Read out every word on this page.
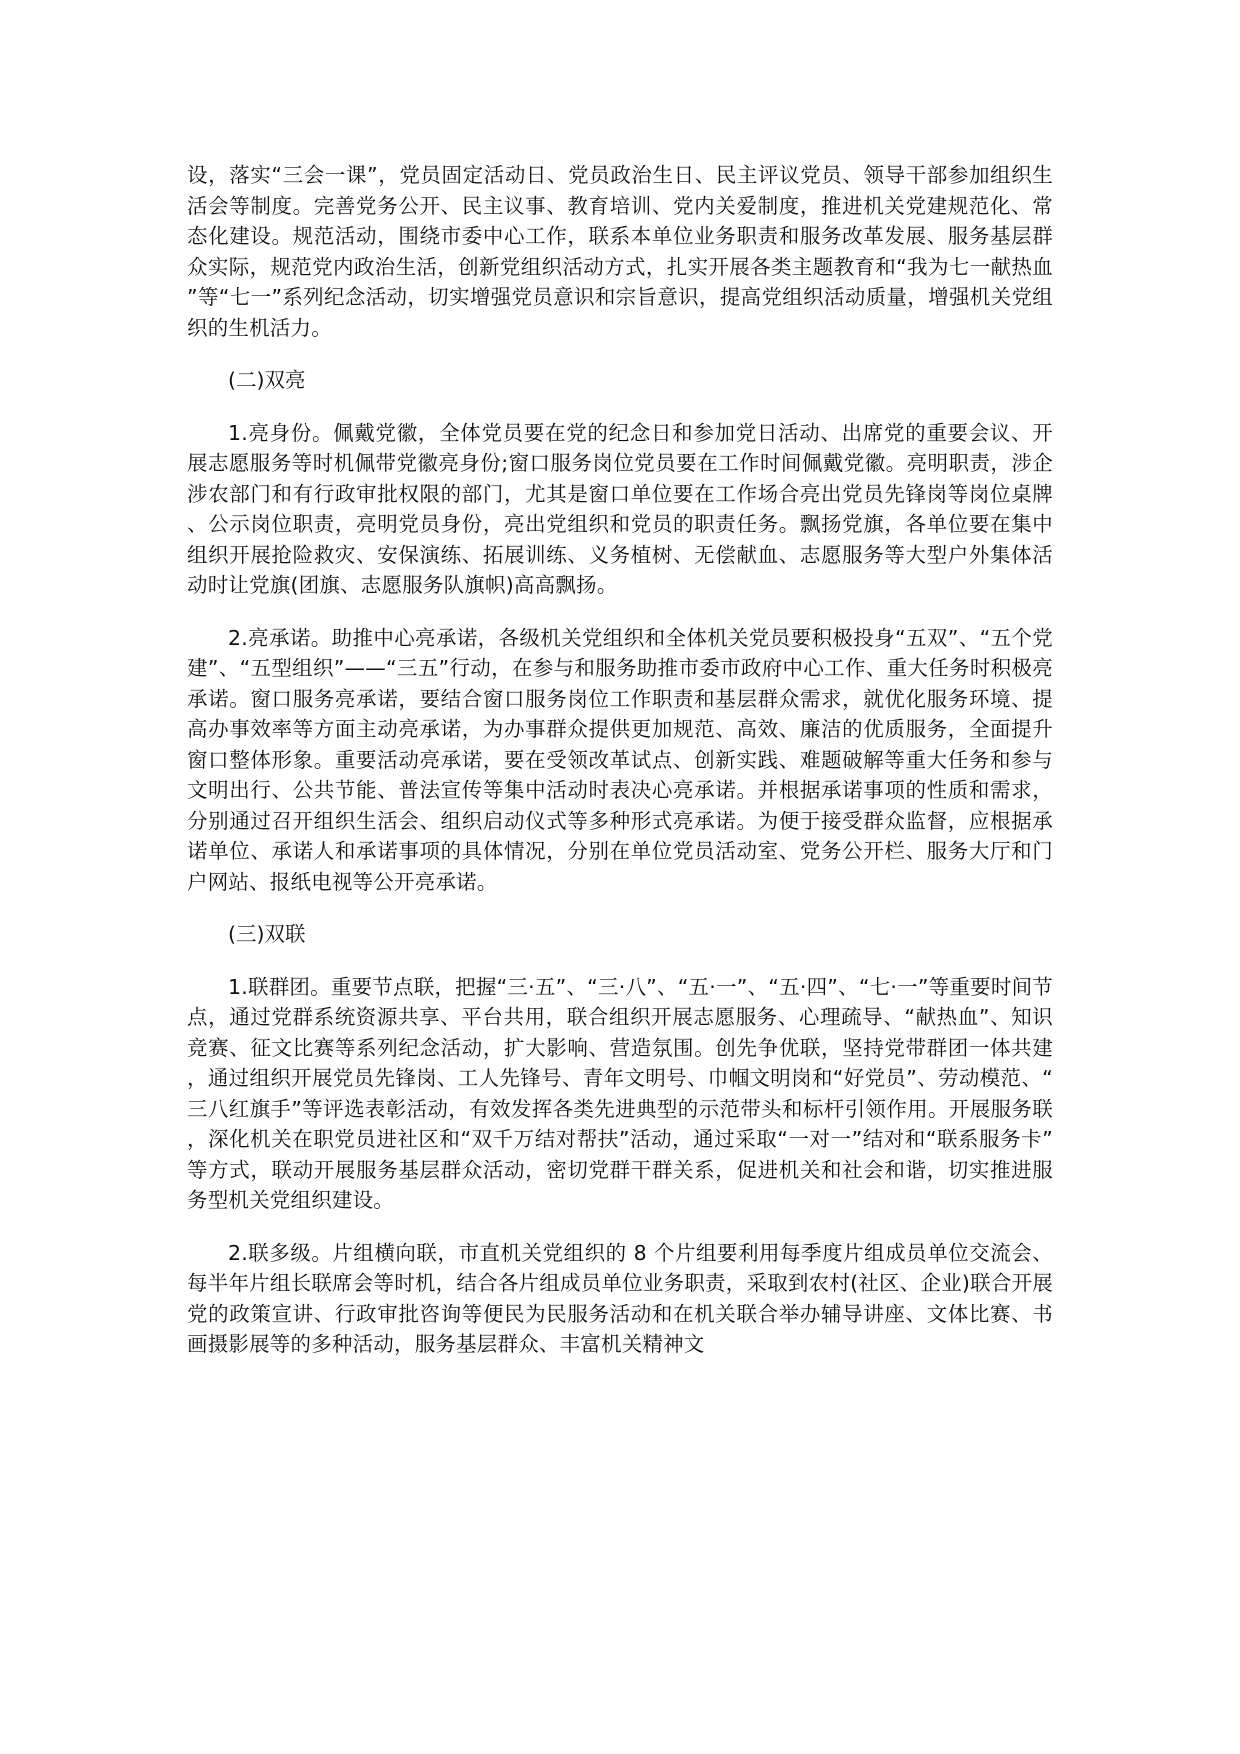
设，落实“三会一课”，党员固定活动日、党员政治生日、民主评议党员、领导干部参加组织生活会等制度。完善党务公开、民主议事、教育培训、党内关爱制度，推进机关党建规范化、常态化建设。规范活动，围绕市委中心工作，联系本单位业务职责和服务改革发展、服务基层群众实际，规范党内政治生活，创新党组织活动方式，扎实开展各类主题教育和“我为七一献热血”等“七一”系列纪念活动，切实增强党员意识和宗旨意识，提高党组织活动质量，增强机关党组织的生机活力。

(二)双亮

1.亮身份。佩戴党徽，全体党员要在党的纪念日和参加党日活动、出席党的重要会议、开展志愿服务等时机佩带党徽亮身份;窗口服务岗位党员要在工作时间佩戴党徽。亮明职责，涉企涉农部门和有行政审批权限的部门，尤其是窗口单位要在工作场合亮出党员先锋岗等岗位桌牌、公示岗位职责，亮明党员身份，亮出党组织和党员的职责任务。飘扬党旗，各单位要在集中组织开展抢险救灾、安保演练、拓展训练、义务植树、无偿献血、志愿服务等大型户外集体活动时让党旗(团旗、志愿服务队旗帜)高高飘扬。

2.亮承诺。助推中心亮承诺，各级机关党组织和全体机关党员要积极投身“五双”、“五个党建”、“五型组织”——“三五”行动，在参与和服务助推市委市政府中心工作、重大任务时积极亮承诺。窗口服务亮承诺，要结合窗口服务岗位工作职责和基层群众需求，就优化服务环境、提高办事效率等方面主动亮承诺，为办事群众提供更加规范、高效、廉洁的优质服务，全面提升窗口整体形象。重要活动亮承诺，要在受领改革试点、创新实践、难题破解等重大任务和参与文明出行、公共节能、普法宣传等集中活动时表决心亮承诺。并根据承诺事项的性质和需求，分别通过召开组织生活会、组织启动仪式等多种形式亮承诺。为便于接受群众监督，应根据承诺单位、承诺人和承诺事项的具体情况，分别在单位党员活动室、党务公开栏、服务大厅和门户网站、报纸电视等公开亮承诺。

(三)双联

1.联群团。重要节点联，把握“三·五”、“三·八”、“五·一”、“五·四”、“七·一”等重要时间节点，通过党群系统资源共享、平台共用，联合组织开展志愿服务、心理疏导、“献热血”、知识竞赛、征文比赛等系列纪念活动，扩大影响、营造氛围。创先争优联，坚持党带群团一体共建，通过组织开展党员先锋岗、工人先锋号、青年文明号、巾帼文明岗和“好党员”、劳动模范、“三八红旗手”等评选表彰活动，有效发挥各类先进典型的示范带头和标杆引领作用。开展服务联，深化机关在职党员进社区和“双千万结对帮扶”活动，通过采取“一对一”结对和“联系服务卡”等方式，联动开展服务基层群众活动，密切党群干群关系，促进机关和社会和谐，切实推进服务型机关党组织建设。

2.联多级。片组横向联，市直机关党组织的 8 个片组要利用每季度片组成员单位交流会、每半年片组长联席会等时机，结合各片组成员单位业务职责，采取到农村(社区、企业)联合开展党的政策宣讲、行政审批咨询等便民为民服务活动和在机关联合举办辅导讲座、文体比赛、书画摄影展等的多种活动，服务基层群众、丰富机关精神文
